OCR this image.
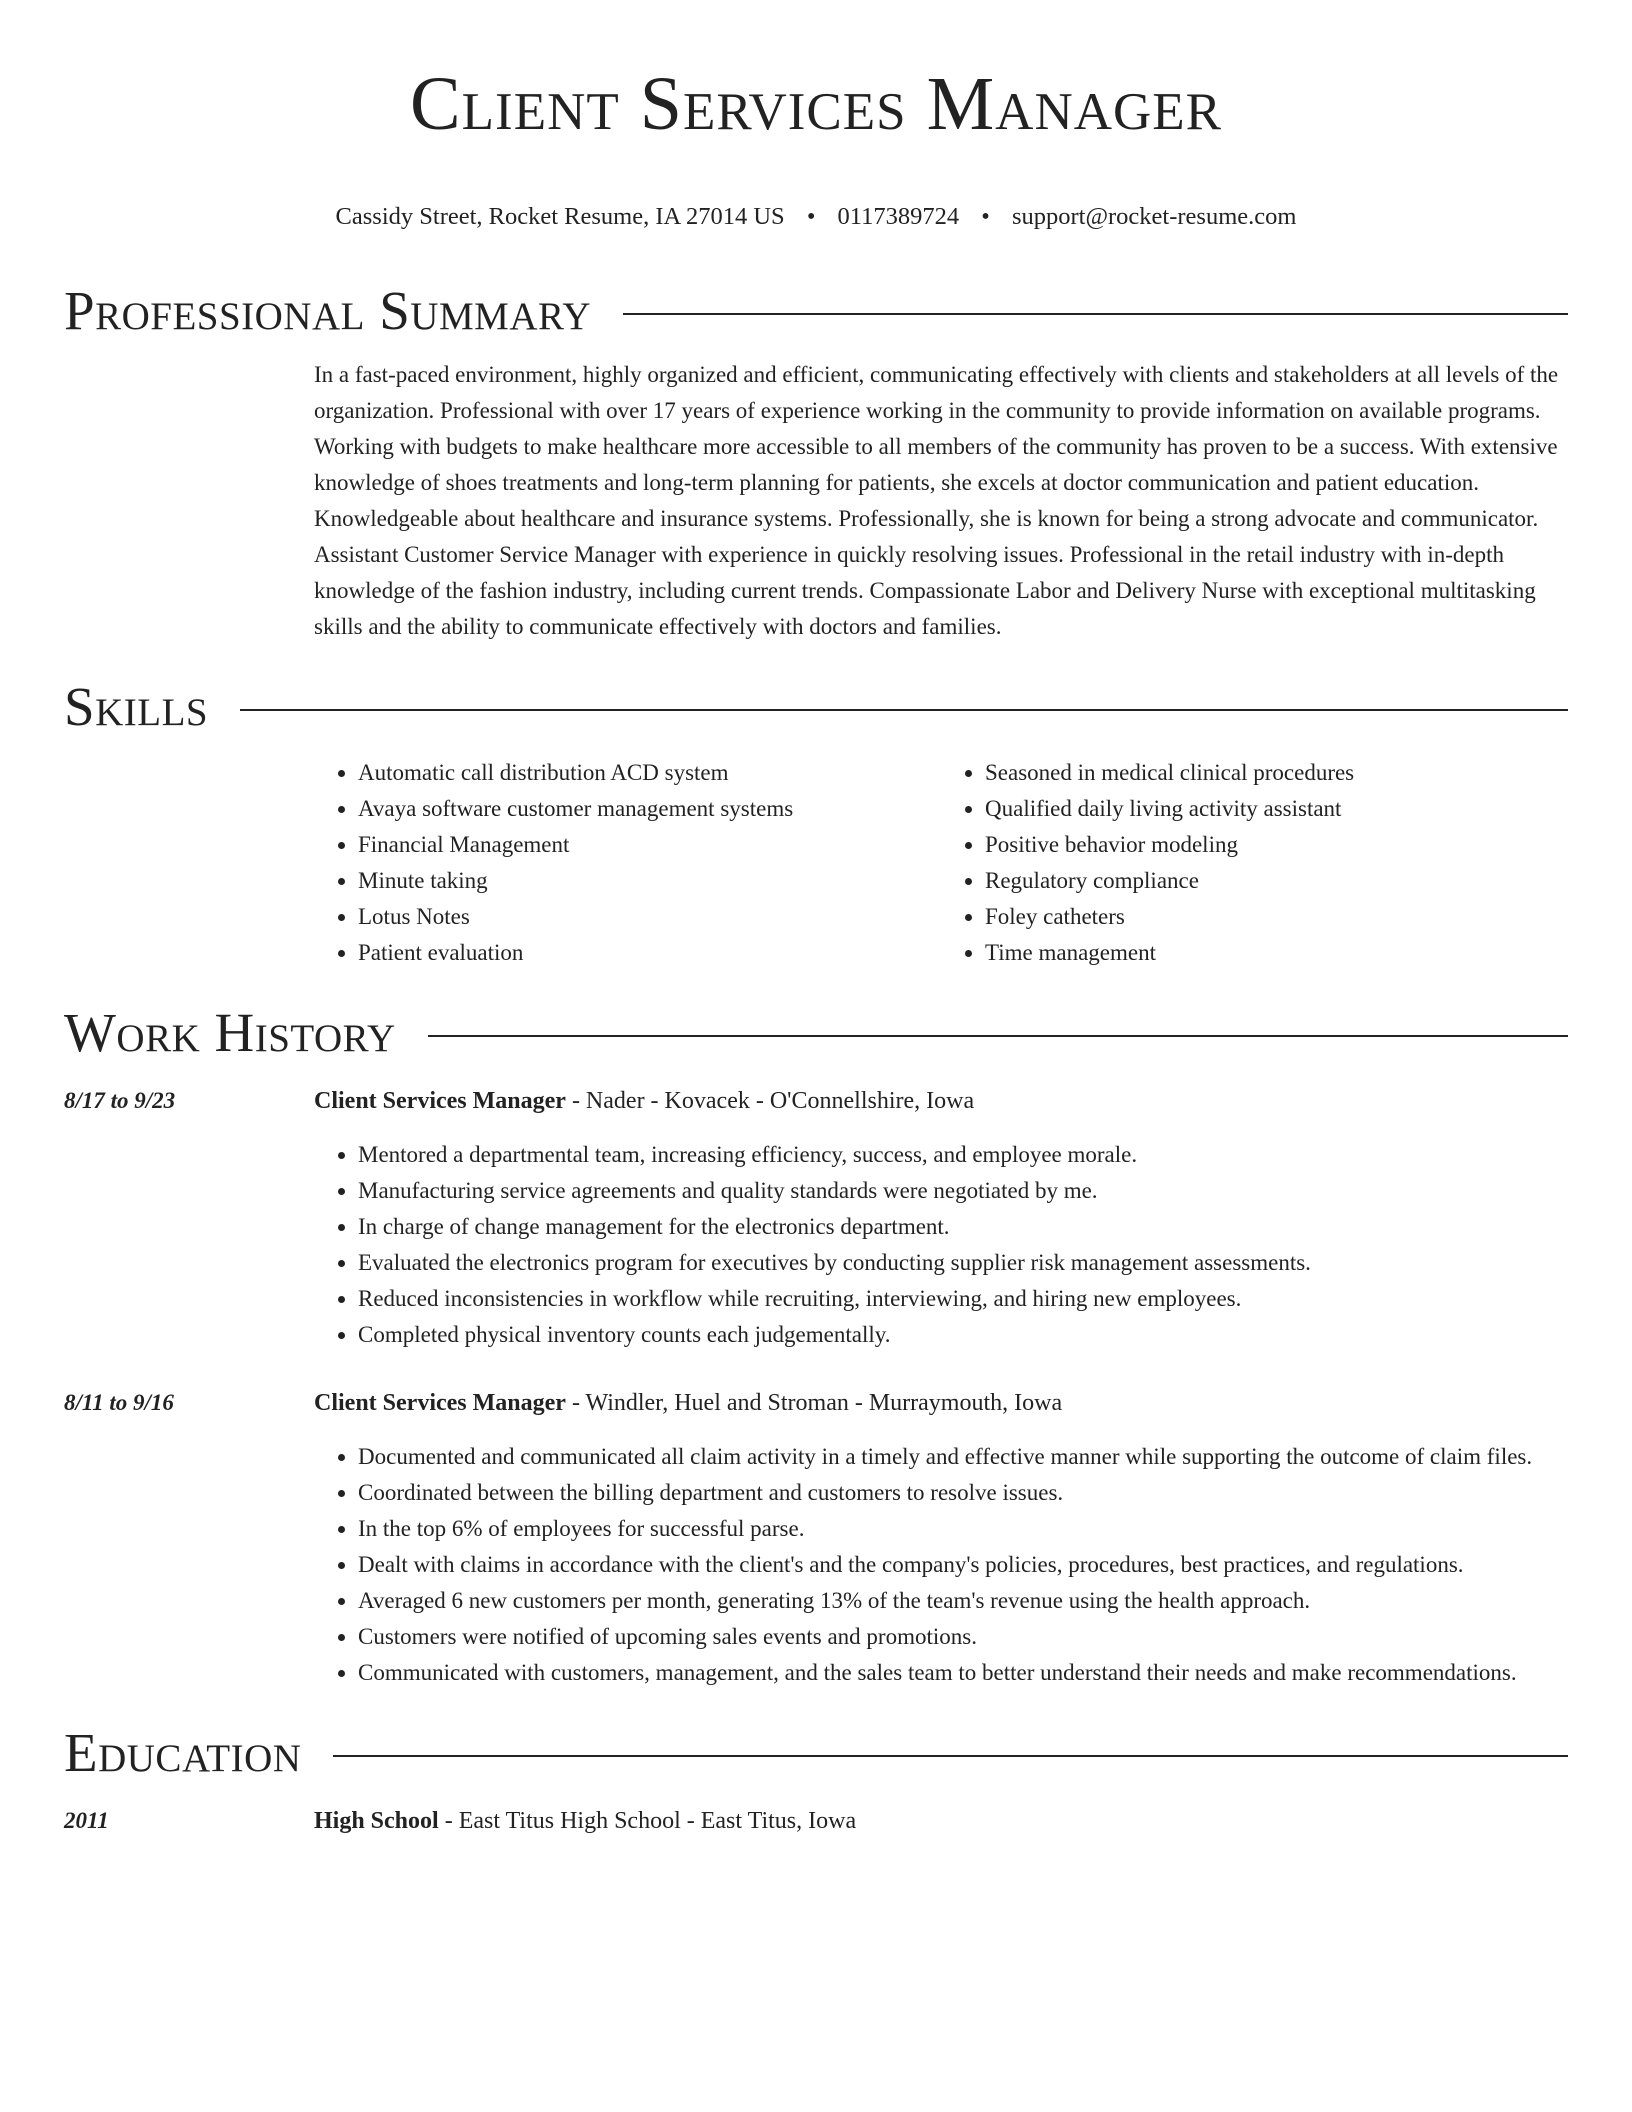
Client Services Manager
Cassidy Street, Rocket Resume, IA 27014 US • 0117389724 • support@rocket-resume.com
Professional Summary

In a fast-paced environment, highly organized and efficient, communicating effectively with clients and stakeholders at all levels of the organization. Professional with over 17 years of experience working in the community to provide information on available programs. Working with budgets to make healthcare more accessible to all members of the community has proven to be a success. With extensive knowledge of shoes treatments and long-term planning for patients, she excels at doctor communication and patient education. Knowledgeable about healthcare and insurance systems. Professionally, she is known for being a strong advocate and communicator. Assistant Customer Service Manager with experience in quickly resolving issues. Professional in the retail industry with in-depth knowledge of the fashion industry, including current trends. Compassionate Labor and Delivery Nurse with exceptional multitasking skills and the ability to communicate effectively with doctors and families.

Skills
• Automatic call distribution ACD system
• Avaya software customer management systems
• Financial Management
• Minute taking
• Lotus Notes
• Patient evaluation
• Seasoned in medical clinical procedures
• Qualified daily living activity assistant
• Positive behavior modeling
• Regulatory compliance
• Foley catheters
• Time management
Work History
8/17 to 9/23	Client Services Manager - Nader - Kovacek - O'Connellshire, Iowa
• Mentored a departmental team, increasing efficiency, success, and employee morale.
• Manufacturing service agreements and quality standards were negotiated by me.
• In charge of change management for the electronics department.
• Evaluated the electronics program for executives by conducting supplier risk management assessments.
• Reduced inconsistencies in workflow while recruiting, interviewing, and hiring new employees.
• Completed physical inventory counts each judgementally.
8/11 to 9/16	Client Services Manager - Windler, Huel and Stroman - Murraymouth, Iowa
• Documented and communicated all claim activity in a timely and effective manner while supporting the outcome of claim files.
• Coordinated between the billing department and customers to resolve issues.
• In the top 6% of employees for successful parse.
• Dealt with claims in accordance with the client's and the company's policies, procedures, best practices, and regulations.
• Averaged 6 new customers per month, generating 13% of the team's revenue using the health approach.
• Customers were notified of upcoming sales events and promotions.
• Communicated with customers, management, and the sales team to better understand their needs and make recommendations.
Education
2011	High School - East Titus High School - East Titus, Iowa
